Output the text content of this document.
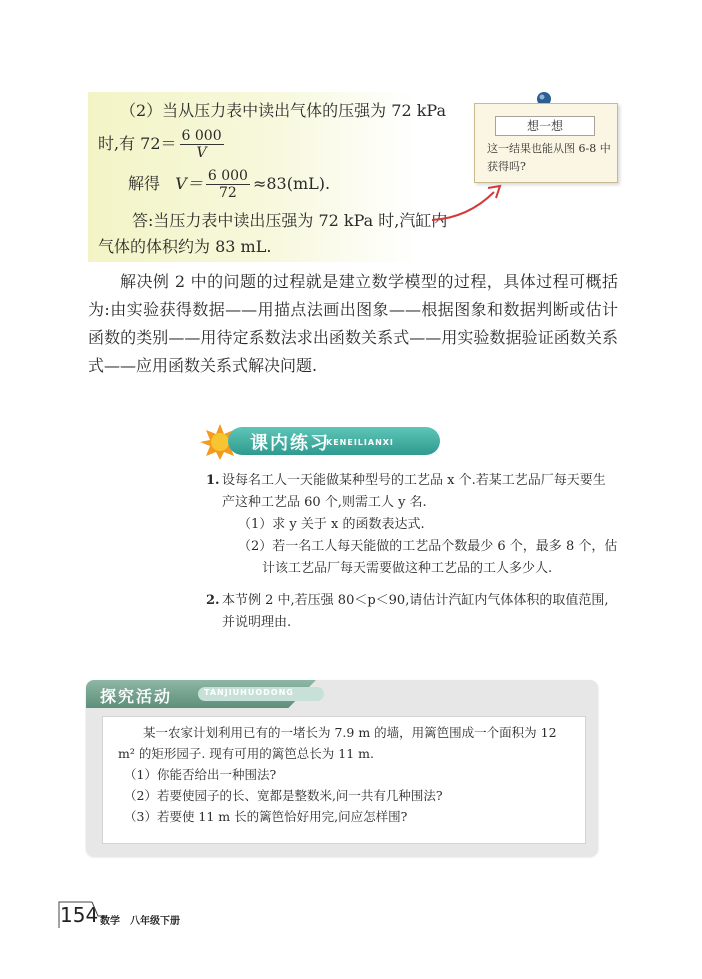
（2）当从压力表中读出气体的压强为 72 kPa
时,有 $72= \frac{6 000}{V}$
解得 $V= \frac{6 000}{72} \approx 83(mL)$.
答:当压力表中读出压强为 72 kPa 时,汽缸内
气体的体积约为 83 mL.
想一想
这一结果也能从图 6-8 中获得吗?

解决例 2 中的问题的过程就是建立数学模型的过程，具体过程可概括为:由实验获得数据——用描点法画出图象——根据图象和数据判断或估计函数的类别——用待定系数法求出函数关系式——用实验数据验证函数关系式——应用函数关系式解决问题.

课内练习
KENEILIANXI
1. 设每名工人一天能做某种型号的工艺品 x 个.若某工艺品厂每天要生产这种工艺品 60 个,则需工人 y 名.
（1）求 y 关于 x 的函数表达式.
（2）若一名工人每天能做的工艺品个数最少 6 个，最多 8 个，估计该工艺品厂每天需要做这种工艺品的工人多少人.
2. 本节例 2 中,若压强 80＜p＜90,请估计汽缸内气体体积的取值范围,并说明理由.
探究活动	TANJIUHUODONG

某一农家计划利用已有的一堵长为 7.9 m 的墙，用篱笆围成一个面积为 12 m² 的矩形园子. 现有可用的篱笆总长为 11 m.

（1）你能否给出一种围法?

（2）若要使园子的长、宽都是整数米,问一共有几种围法?

（3）若要使 11 m 长的篱笆恰好用完,问应怎样围?

154 数学　八年级下册
